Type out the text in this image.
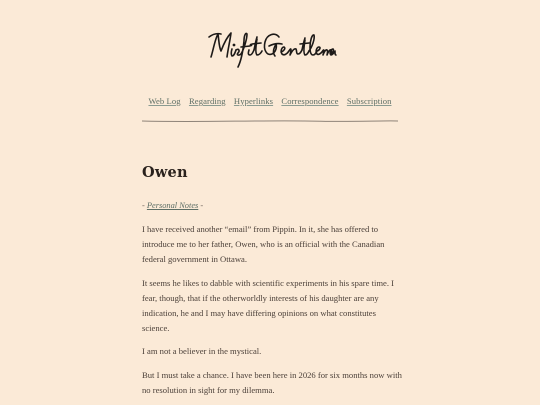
Misfit Gentleman
Web Log Regarding Hyperlinks Correspondence Subscription
Owen
- Personal Notes -

I have received another “email” from Pippin. In it, she has offered to introduce me to her father, Owen, who is an official with the Canadian federal government in Ottawa.

It seems he likes to dabble with scientific experiments in his spare time. I fear, though, that if the otherworldly interests of his daughter are any indication, he and I may have differing opinions on what constitutes science.

I am not a believer in the mystical.

But I must take a chance. I have been here in 2026 for six months now with no resolution in sight for my dilemma.
